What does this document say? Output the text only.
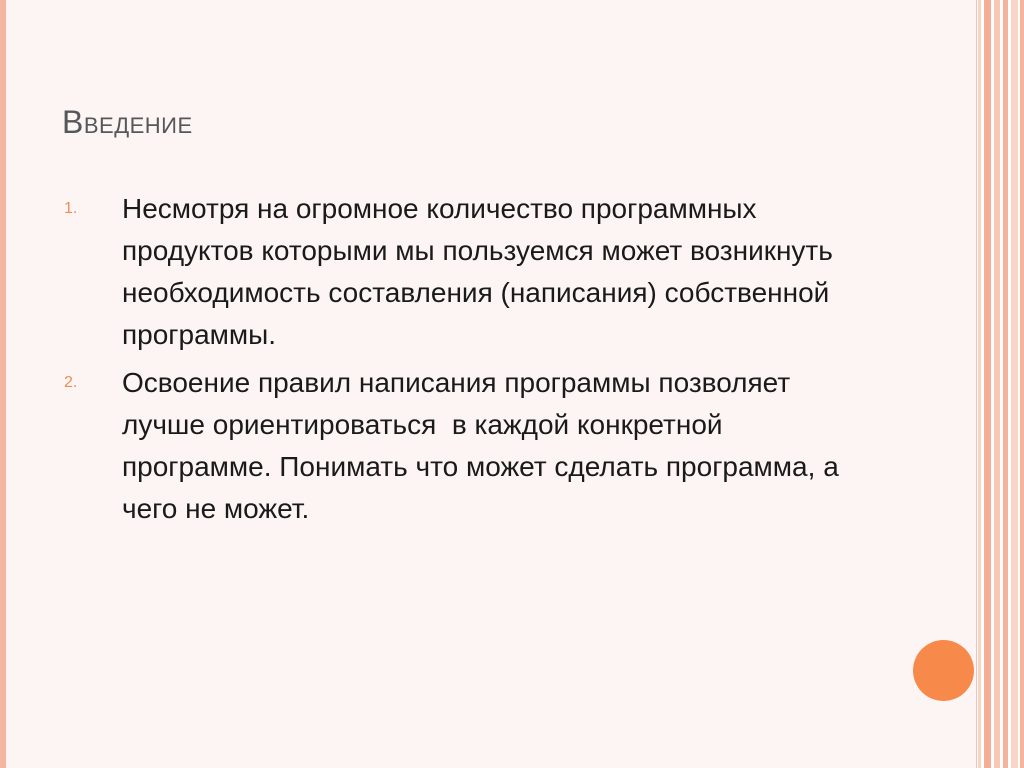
Введение
1. Несмотря на огромное количество программных продуктов которыми мы пользуемся может возникнуть необходимость составления (написания) собственной программы.
2. Освоение правил написания программы позволяет лучше ориентироваться  в каждой конкретной программе. Понимать что может сделать программа, а чего не может.
